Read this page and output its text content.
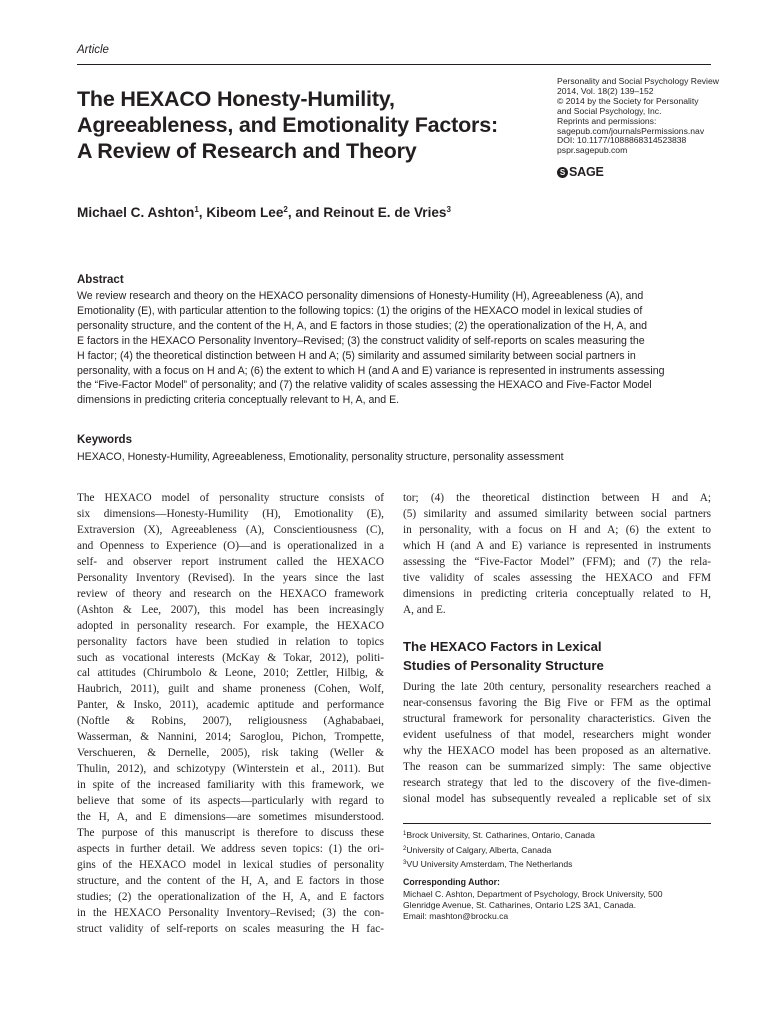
Article
The HEXACO Honesty-Humility,
Agreeableness, and Emotionality Factors:
A Review of Research and Theory
Personality and Social Psychology Review
2014, Vol. 18(2) 139–152
© 2014 by the Society for Personality
and Social Psychology, Inc.
Reprints and permissions:
sagepub.com/journalsPermissions.nav
DOI: 10.1177/1088868314523838
pspr.sagepub.com
S SAGE
Michael C. Ashton$^1$, Kibeom Lee$^2$, and Reinout E. de Vries$^3$
Abstract
We review research and theory on the HEXACO personality dimensions of Honesty-Humility (H), Agreeableness (A), and
Emotionality (E), with particular attention to the following topics: (1) the origins of the HEXACO model in lexical studies of
personality structure, and the content of the H, A, and E factors in those studies; (2) the operationalization of the H, A, and
E factors in the HEXACO Personality Inventory–Revised; (3) the construct validity of self-reports on scales measuring the
H factor; (4) the theoretical distinction between H and A; (5) similarity and assumed similarity between social partners in
personality, with a focus on H and A; (6) the extent to which H (and A and E) variance is represented in instruments assessing
the “Five-Factor Model” of personality; and (7) the relative validity of scales assessing the HEXACO and Five-Factor Model
dimensions in predicting criteria conceptually relevant to H, A, and E.
Keywords
HEXACO, Honesty-Humility, Agreeableness, Emotionality, personality structure, personality assessment
The HEXACO model of personality structure consists of
six dimensions—Honesty-Humility (H), Emotionality (E),
Extraversion (X), Agreeableness (A), Conscientiousness (C),
and Openness to Experience (O)—and is operationalized in a
self- and observer report instrument called the HEXACO
Personality Inventory (Revised). In the years since the last
review of theory and research on the HEXACO framework
(Ashton & Lee, 2007), this model has been increasingly
adopted in personality research. For example, the HEXACO
personality factors have been studied in relation to topics
such as vocational interests (McKay & Tokar, 2012), politi-
cal attitudes (Chirumbolo & Leone, 2010; Zettler, Hilbig, &
Haubrich, 2011), guilt and shame proneness (Cohen, Wolf,
Panter, & Insko, 2011), academic aptitude and performance
(Noftle & Robins, 2007), religiousness (Aghababaei,
Wasserman, & Nannini, 2014; Saroglou, Pichon, Trompette,
Verschueren, & Dernelle, 2005), risk taking (Weller &
Thulin, 2012), and schizotypy (Winterstein et al., 2011). But
in spite of the increased familiarity with this framework, we
believe that some of its aspects—particularly with regard to
the H, A, and E dimensions—are sometimes misunderstood.
The purpose of this manuscript is therefore to discuss these
aspects in further detail. We address seven topics: (1) the ori-
gins of the HEXACO model in lexical studies of personality
structure, and the content of the H, A, and E factors in those
studies; (2) the operationalization of the H, A, and E factors
in the HEXACO Personality Inventory–Revised; (3) the con-
struct validity of self-reports on scales measuring the H fac-
tor; (4) the theoretical distinction between H and A;
(5) similarity and assumed similarity between social partners
in personality, with a focus on H and A; (6) the extent to
which H (and A and E) variance is represented in instruments
assessing the “Five-Factor Model” (FFM); and (7) the rela-
tive validity of scales assessing the HEXACO and FFM
dimensions in predicting criteria conceptually related to H,
A, and E.
The HEXACO Factors in Lexical
Studies of Personality Structure
During the late 20th century, personality researchers reached a
near-consensus favoring the Big Five or FFM as the optimal
structural framework for personality characteristics. Given the
evident usefulness of that model, researchers might wonder
why the HEXACO model has been proposed as an alternative.
The reason can be summarized simply: The same objective
research strategy that led to the discovery of the five-dimen-
sional model has subsequently revealed a replicable set of six
$^1$Brock University, St. Catharines, Ontario, Canada
$^2$University of Calgary, Alberta, Canada
$^3$VU University Amsterdam, The Netherlands
Corresponding Author:
Michael C. Ashton, Department of Psychology, Brock University, 500
Glenridge Avenue, St. Catharines, Ontario L2S 3A1, Canada.
Email: mashton@brocku.ca
